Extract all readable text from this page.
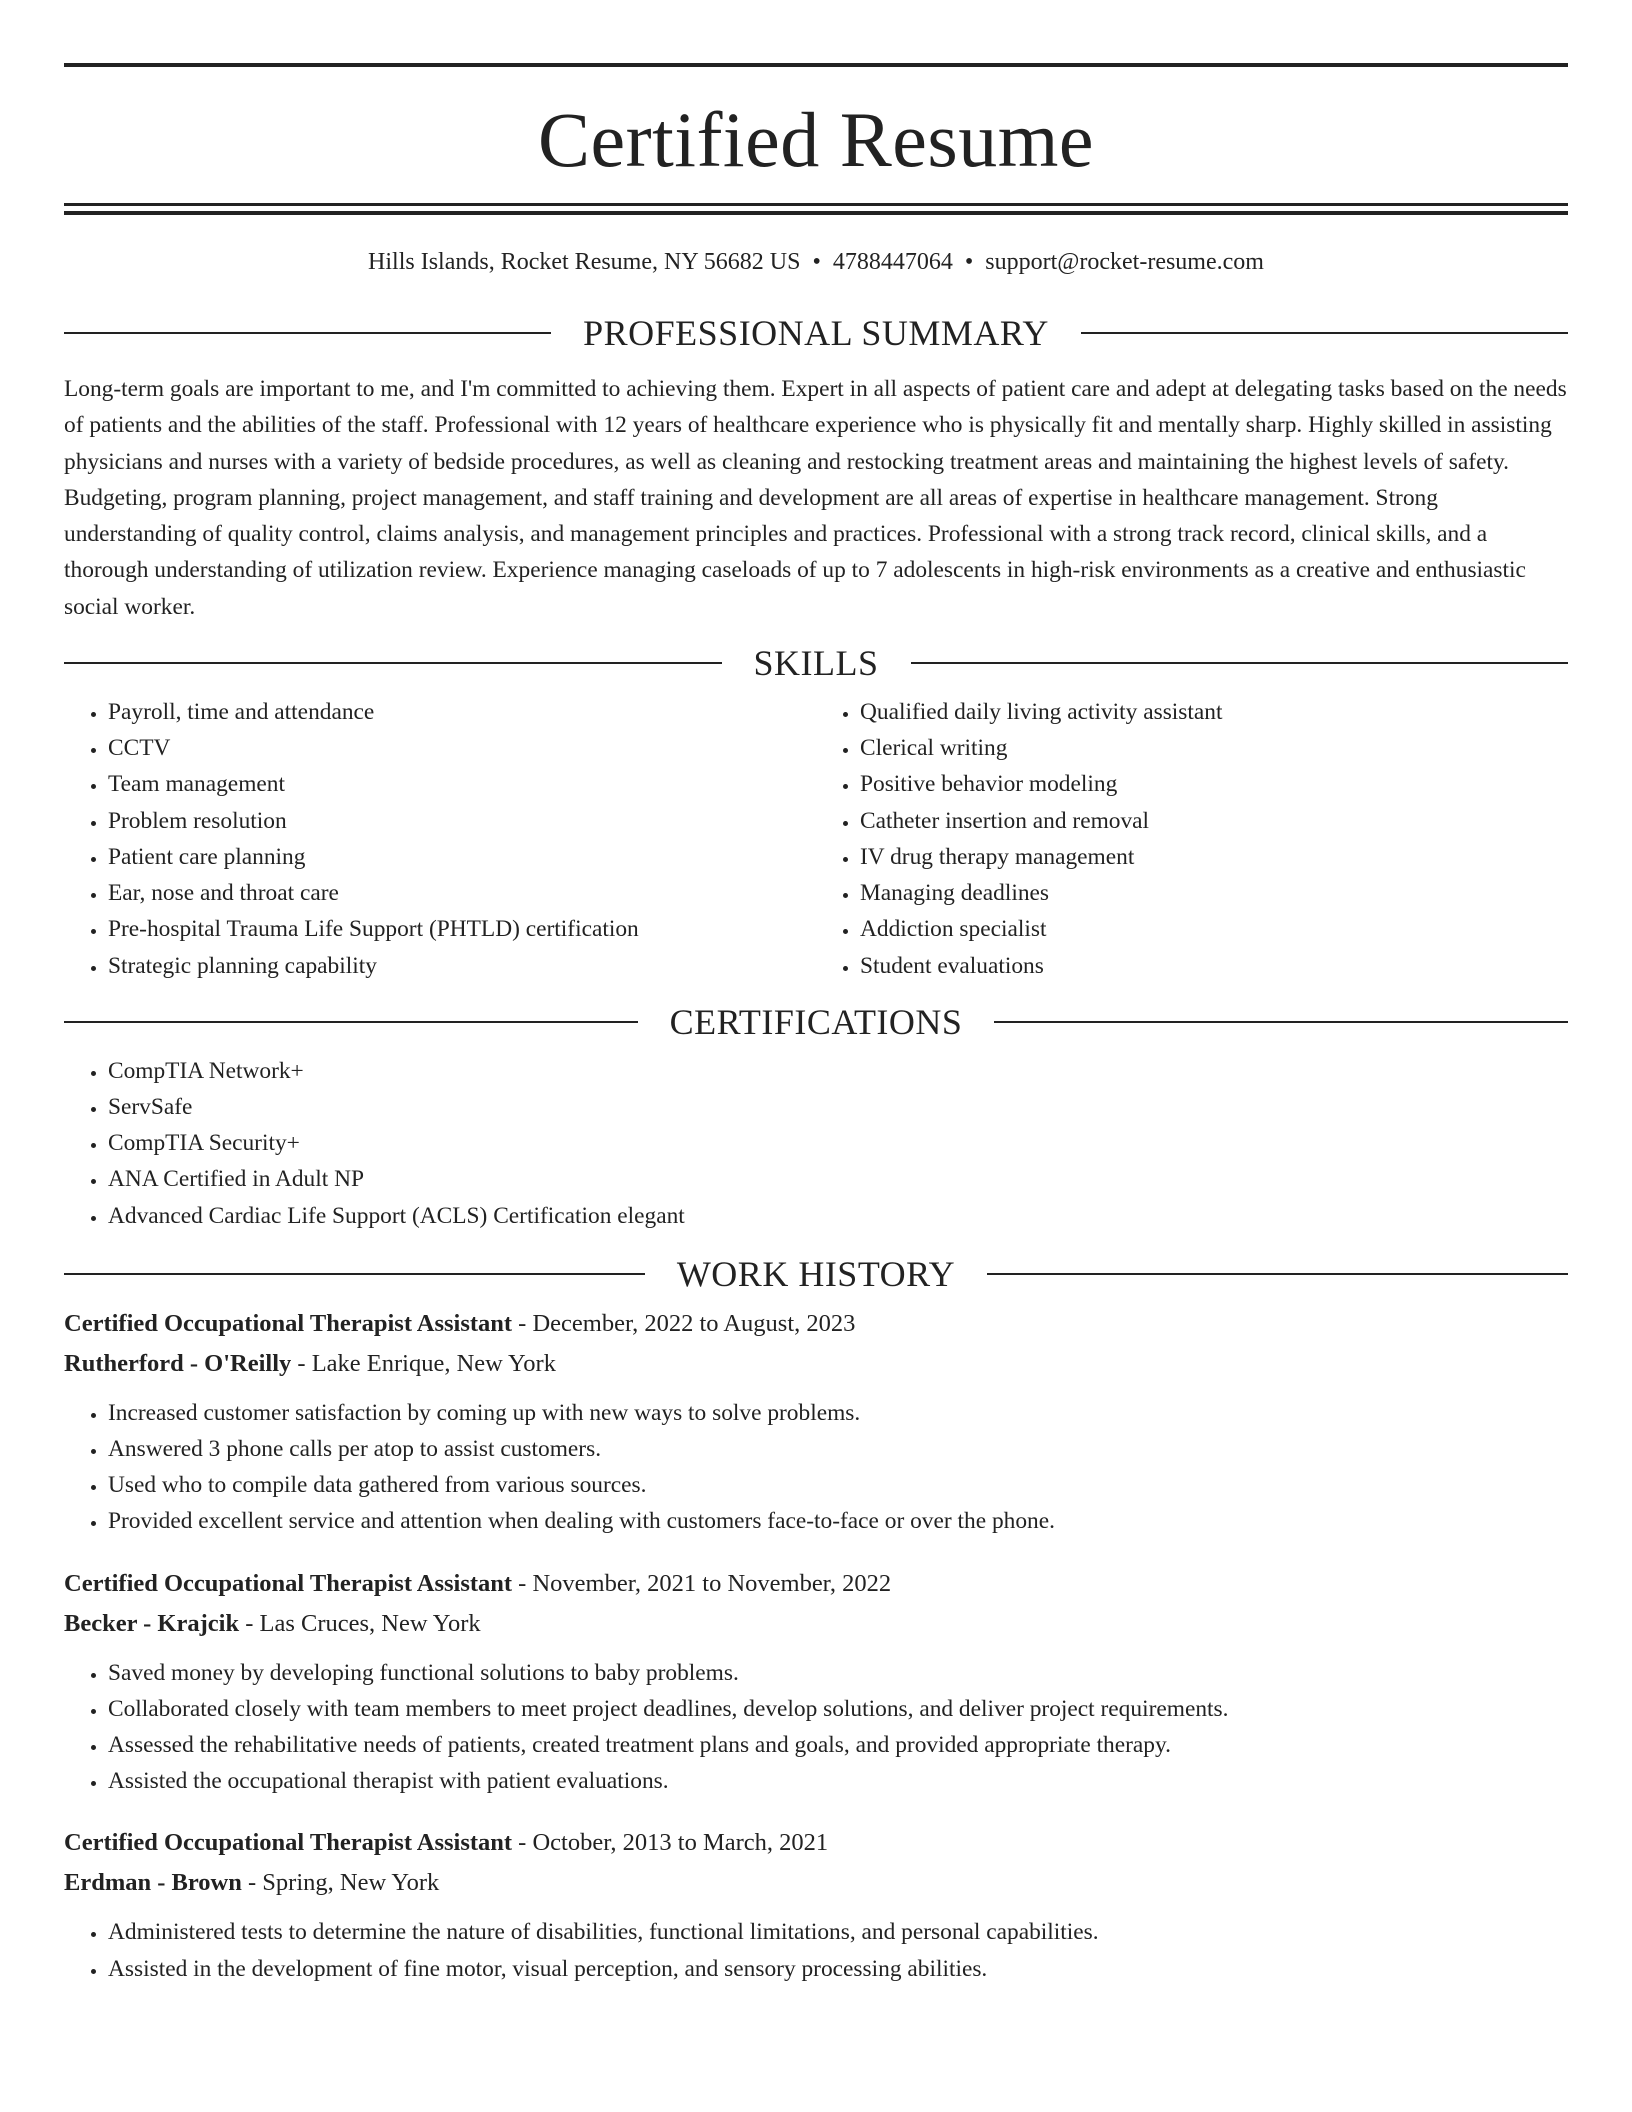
Certified Resume
Hills Islands, Rocket Resume, NY 56682 US • 4788447064 • support@rocket-resume.com
PROFESSIONAL SUMMARY

Long-term goals are important to me, and I'm committed to achieving them. Expert in all aspects of patient care and adept at delegating tasks based on the needs of patients and the abilities of the staff. Professional with 12 years of healthcare experience who is physically fit and mentally sharp. Highly skilled in assisting physicians and nurses with a variety of bedside procedures, as well as cleaning and restocking treatment areas and maintaining the highest levels of safety. Budgeting, program planning, project management, and staff training and development are all areas of expertise in healthcare management. Strong understanding of quality control, claims analysis, and management principles and practices. Professional with a strong track record, clinical skills, and a thorough understanding of utilization review. Experience managing caseloads of up to 7 adolescents in high-risk environments as a creative and enthusiastic social worker.

SKILLS
• Payroll, time and attendance
• CCTV
• Team management
• Problem resolution
• Patient care planning
• Ear, nose and throat care
• Pre-hospital Trauma Life Support (PHTLD) certification
• Strategic planning capability
• Qualified daily living activity assistant
• Clerical writing
• Positive behavior modeling
• Catheter insertion and removal
• IV drug therapy management
• Managing deadlines
• Addiction specialist
• Student evaluations
CERTIFICATIONS
• CompTIA Network+
• ServSafe
• CompTIA Security+
• ANA Certified in Adult NP
• Advanced Cardiac Life Support (ACLS) Certification elegant
WORK HISTORY
Certified Occupational Therapist Assistant - December, 2022 to August, 2023
Rutherford - O'Reilly - Lake Enrique, New York
• Increased customer satisfaction by coming up with new ways to solve problems.
• Answered 3 phone calls per atop to assist customers.
• Used who to compile data gathered from various sources.
• Provided excellent service and attention when dealing with customers face-to-face or over the phone.
Certified Occupational Therapist Assistant - November, 2021 to November, 2022
Becker - Krajcik - Las Cruces, New York
• Saved money by developing functional solutions to baby problems.
• Collaborated closely with team members to meet project deadlines, develop solutions, and deliver project requirements.
• Assessed the rehabilitative needs of patients, created treatment plans and goals, and provided appropriate therapy.
• Assisted the occupational therapist with patient evaluations.
Certified Occupational Therapist Assistant - October, 2013 to March, 2021
Erdman - Brown - Spring, New York
• Administered tests to determine the nature of disabilities, functional limitations, and personal capabilities.
• Assisted in the development of fine motor, visual perception, and sensory processing abilities.
